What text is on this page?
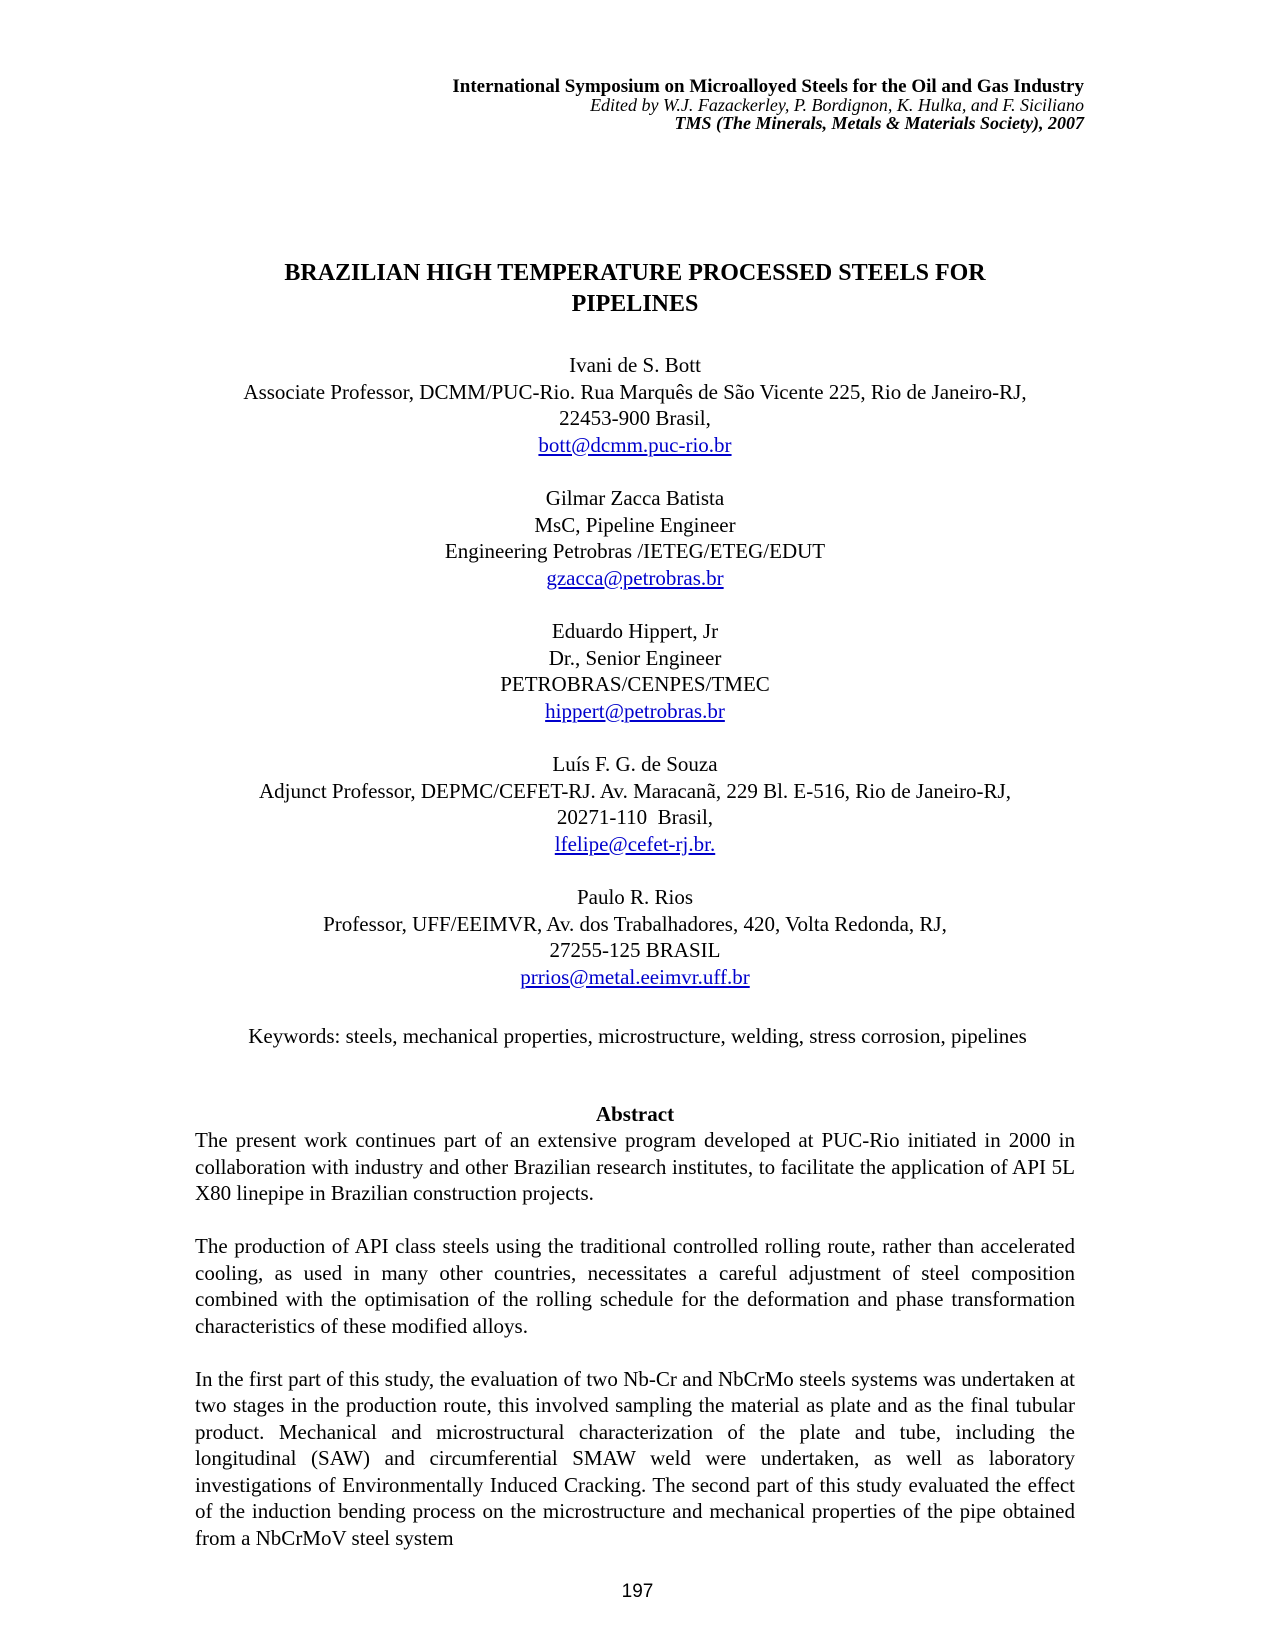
International Symposium on Microalloyed Steels for the Oil and Gas Industry
Edited by W.J. Fazackerley, P. Bordignon, K. Hulka, and F. Siciliano
TMS (The Minerals, Metals & Materials Society), 2007
BRAZILIAN HIGH TEMPERATURE PROCESSED STEELS FOR
PIPELINES
Ivani de S. Bott
Associate Professor, DCMM/PUC-Rio. Rua Marquês de São Vicente 225, Rio de Janeiro-RJ,
22453-900 Brasil,
bott@dcmm.puc-rio.br
Gilmar Zacca Batista
MsC, Pipeline Engineer
Engineering Petrobras /IETEG/ETEG/EDUT
gzacca@petrobras.br
Eduardo Hippert, Jr
Dr., Senior Engineer
PETROBRAS/CENPES/TMEC
hippert@petrobras.br
Luís F. G. de Souza
Adjunct Professor, DEPMC/CEFET-RJ. Av. Maracanã, 229 Bl. E-516, Rio de Janeiro-RJ,
20271-110  Brasil,
lfelipe@cefet-rj.br.
Paulo R. Rios
Professor, UFF/EEIMVR, Av. dos Trabalhadores, 420, Volta Redonda, RJ,
27255-125 BRASIL
prrios@metal.eeimvr.uff.br
Keywords: steels, mechanical properties, microstructure, welding, stress corrosion, pipelines
Abstract

The present work continues part of an extensive program developed at PUC-Rio initiated in 2000 in collaboration with industry and other Brazilian research institutes, to facilitate the application of API 5L X80 linepipe in Brazilian construction projects.

The production of API class steels using the traditional controlled rolling route, rather than accelerated cooling, as used in many other countries, necessitates a careful adjustment of steel composition combined with the optimisation of the rolling schedule for the deformation and phase transformation characteristics of these modified alloys.

In the first part of this study, the evaluation of two Nb-Cr and NbCrMo steels systems was undertaken at two stages in the production route, this involved sampling the material as plate and as the final tubular product. Mechanical and microstructural characterization of the plate and tube, including the longitudinal (SAW) and circumferential SMAW weld were undertaken, as well as laboratory investigations of Environmentally Induced Cracking. The second part of this study evaluated the effect of the induction bending process on the microstructure and mechanical properties of the pipe obtained from a NbCrMoV steel system

197
